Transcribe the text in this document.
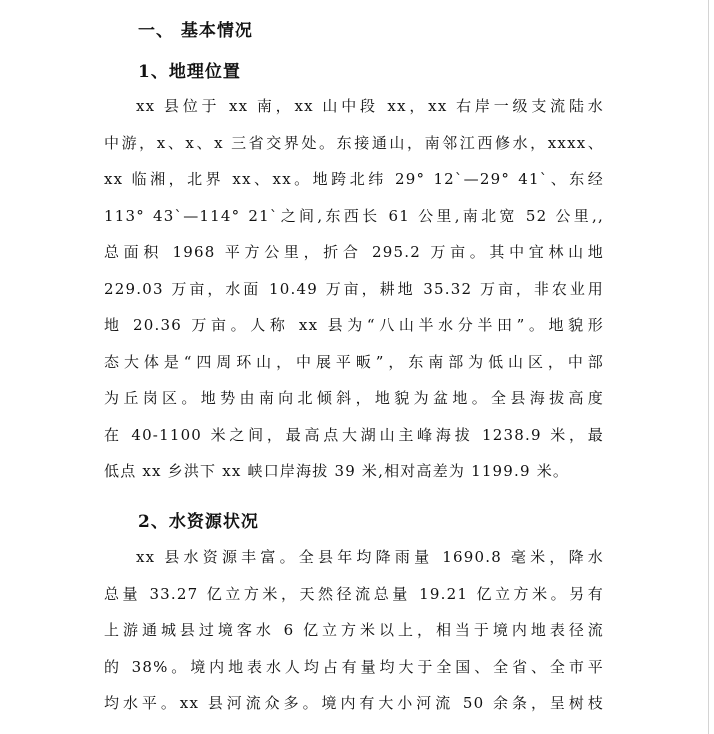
一、 基本情况
1、地理位置
xx 县位于 xx 南，xx 山中段 xx，xx 右岸一级支流陆水
中游，x、x、x 三省交界处。东接通山，南邻江西修水，xxxx、
xx 临湘，北界 xx、xx。地跨北纬 29° 12`—29° 41`、东经
113° 43`—114° 21`之间,东西长 61 公里,南北宽 52 公里,,
总面积 1968 平方公里，折合 295.2 万亩。其中宜林山地
229.03 万亩，水面 10.49 万亩，耕地 35.32 万亩，非农业用
地 20.36 万亩。人称 xx 县为“八山半水分半田”。地貌形
态大体是“四周环山，中展平畈”，东南部为低山区，中部
为丘岗区。地势由南向北倾斜，地貌为盆地。全县海拔高度
在 40-1100 米之间，最高点大湖山主峰海拔 1238.9 米，最
低点 xx 乡洪下 xx 峡口岸海拔 39 米,相对高差为 1199.9 米。
2、水资源状况
xx 县水资源丰富。全县年均降雨量 1690.8 毫米，降水
总量 33.27 亿立方米，天然径流总量 19.21 亿立方米。另有
上游通城县过境客水 6 亿立方米以上，相当于境内地表径流
的 38%。境内地表水人均占有量均大于全国、全省、全市平
均水平。xx 县河流众多。境内有大小河流 50 余条，呈树枝
